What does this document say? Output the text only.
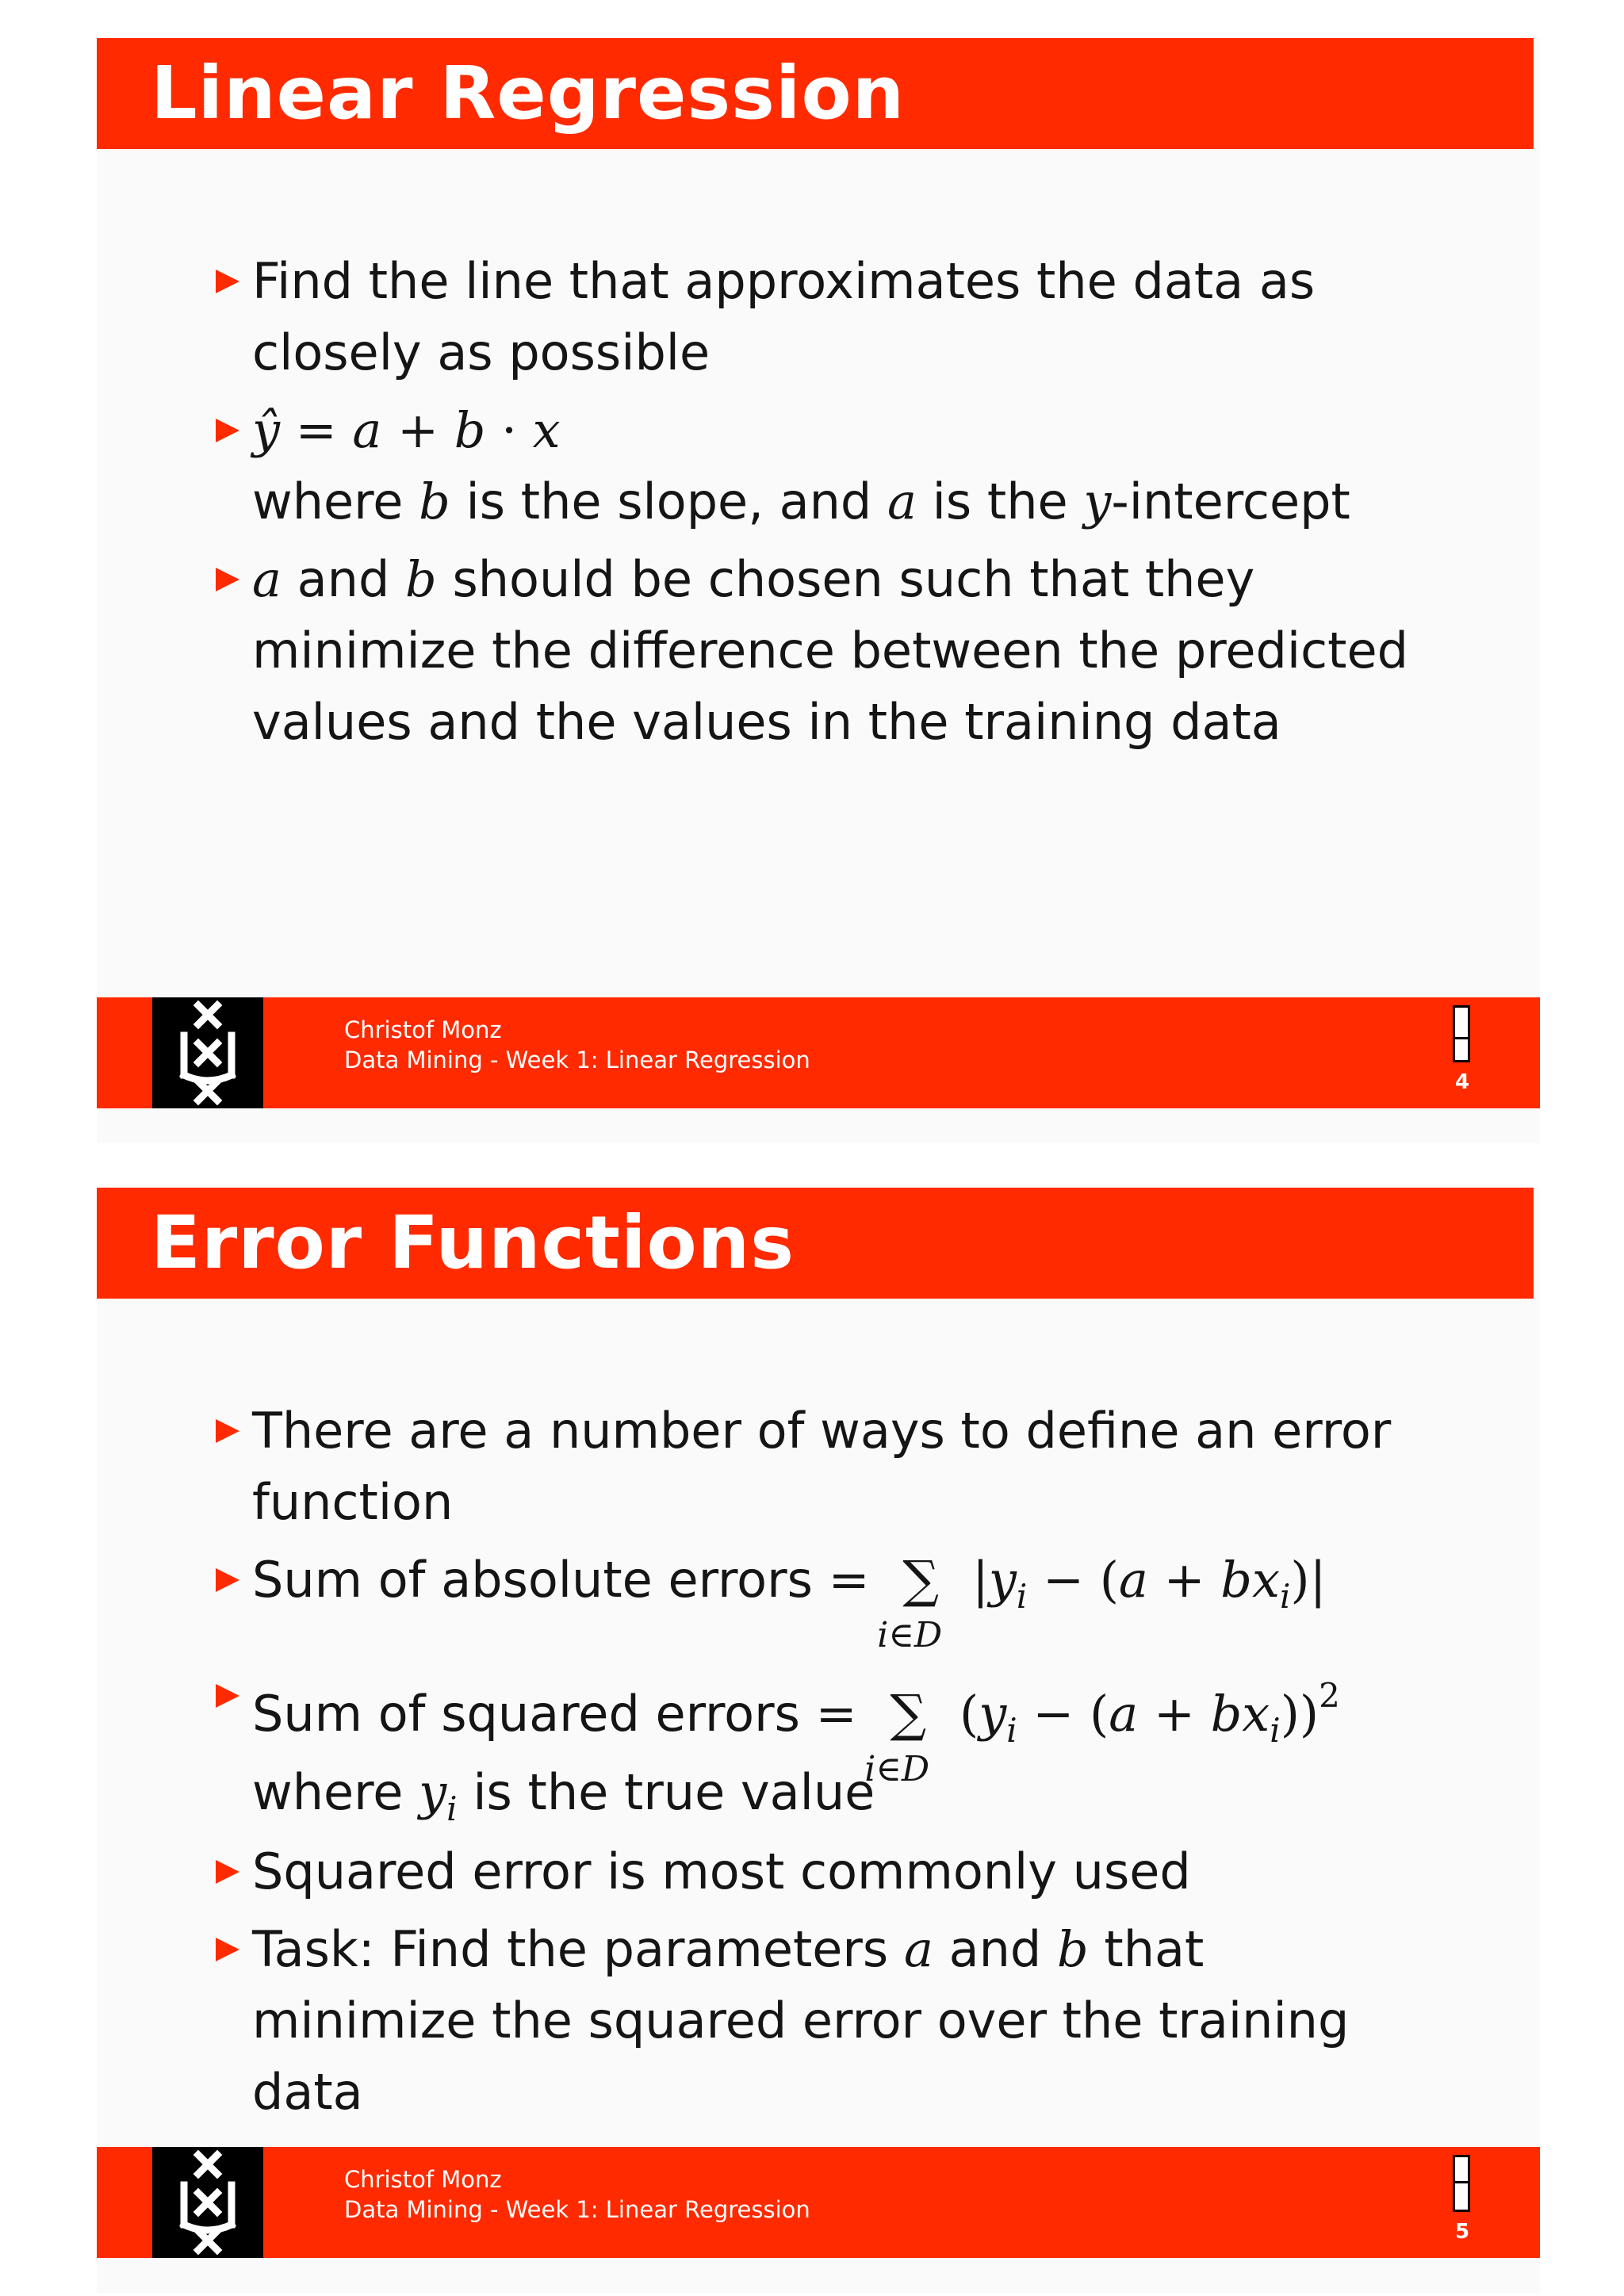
Linear Regression
Find the line that approximates the data as
closely as possible
ŷ = a + b · x
where b is the slope, and a is the y-intercept
a and b should be chosen such that they
minimize the difference between the predicted
values and the values in the training data
Christof Monz
Data Mining - Week 1: Linear Regression
4
Error Functions
There are a number of ways to define an error
function
Sum of absolute errors = ∑
i∈D
$|y_i - (a + bx_i)|$
Sum of squared errors = ∑
i∈D
$(y_i - (a + bx_i))^2$
where $y_i$ is the true value
Squared error is most commonly used
Task: Find the parameters a and b that
minimize the squared error over the training
data
Christof Monz
Data Mining - Week 1: Linear Regression
5
